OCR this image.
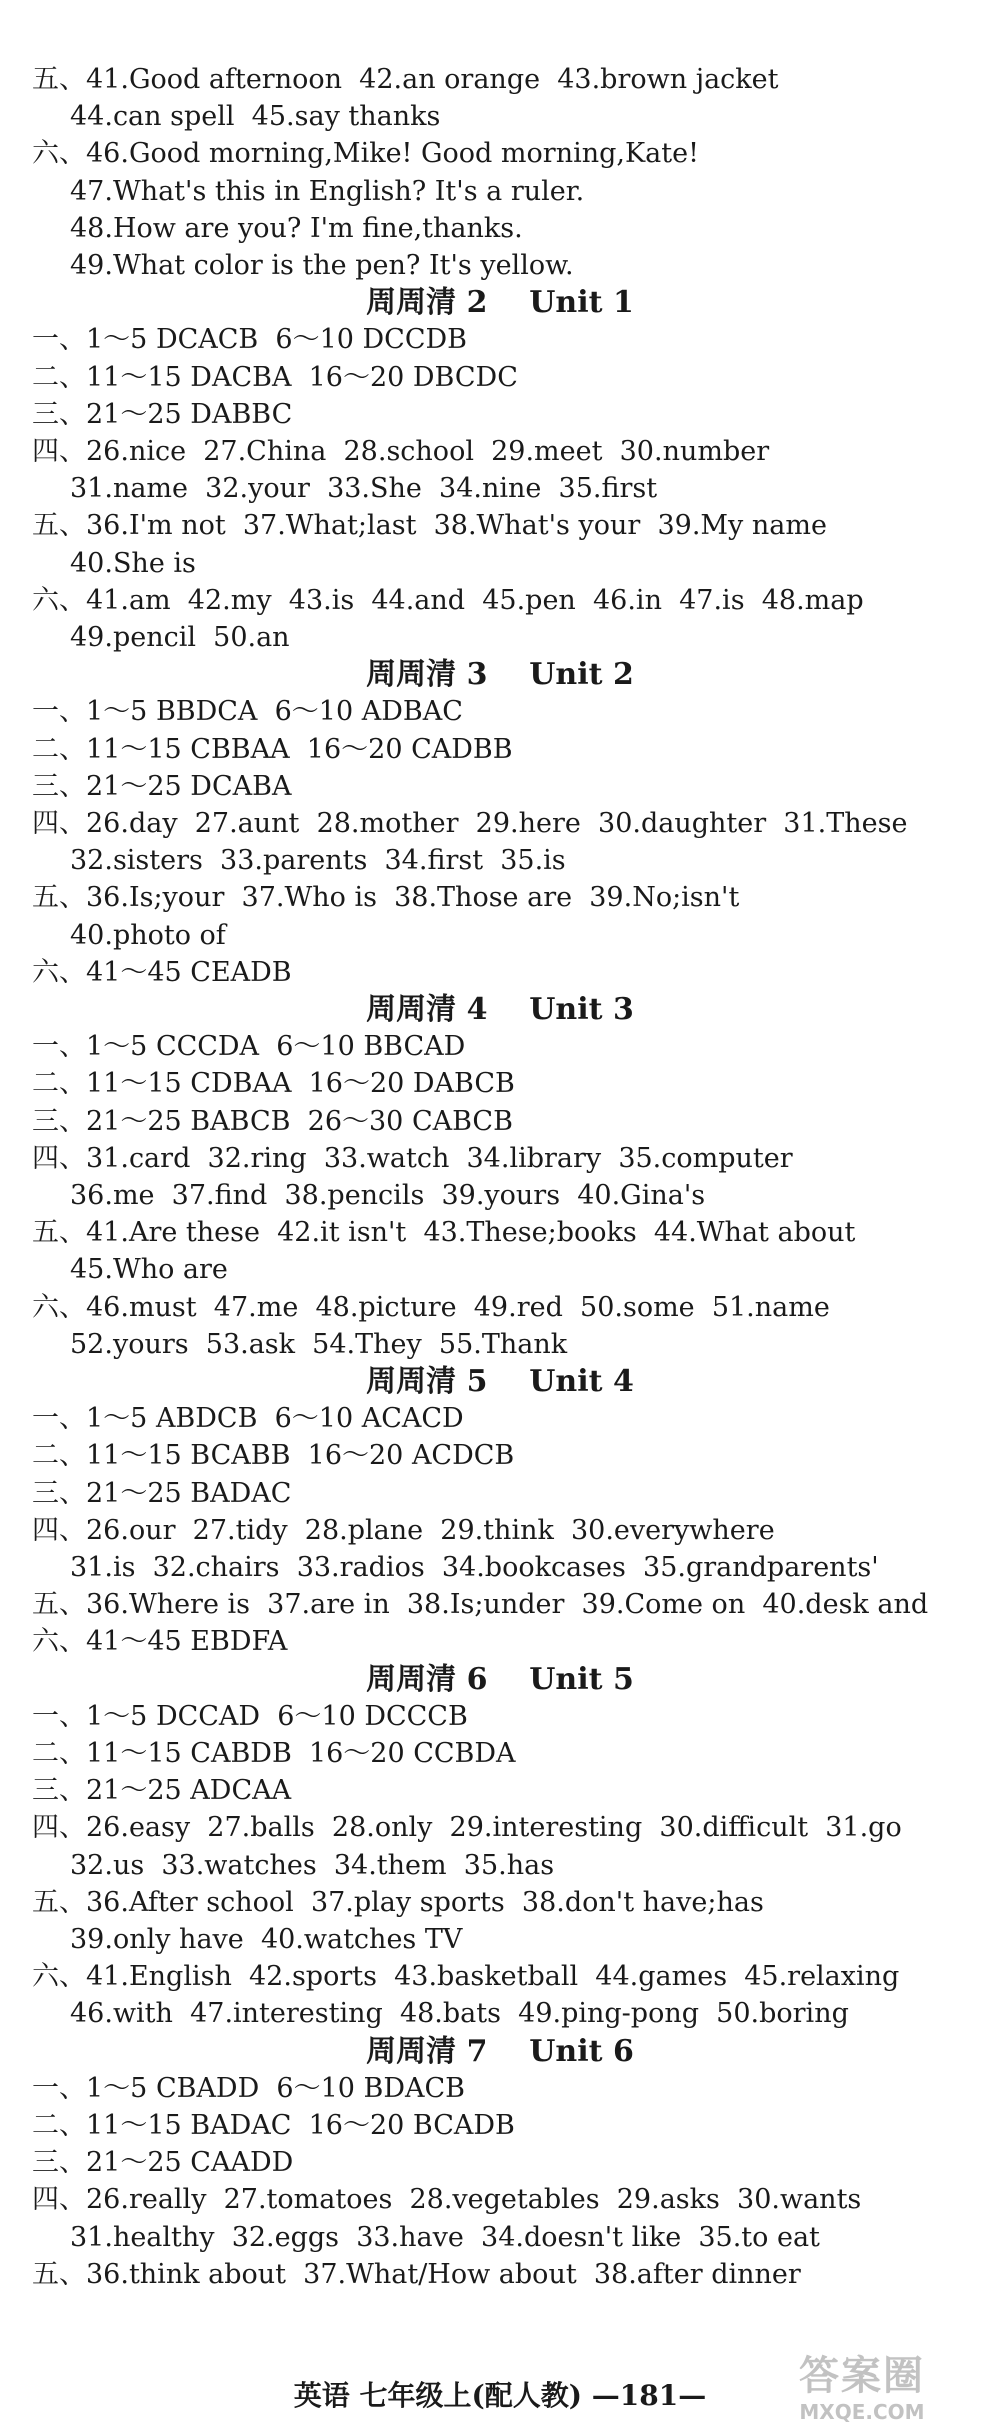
五、41.Good afternoon  42.an orange  43.brown jacket
44.can spell  45.say thanks
六、46.Good morning,Mike! Good morning,Kate!
47.What's this in English? It's a ruler.
48.How are you? I'm fine,thanks.
49.What color is the pen? It's yellow.
周周清 2    Unit 1
一、1～5 DCACB  6～10 DCCDB
二、11～15 DACBA  16～20 DBCDC
三、21～25 DABBC
四、26.nice  27.China  28.school  29.meet  30.number
31.name  32.your  33.She  34.nine  35.first
五、36.I'm not  37.What;last  38.What's your  39.My name
40.She is
六、41.am  42.my  43.is  44.and  45.pen  46.in  47.is  48.map
49.pencil  50.an
周周清 3    Unit 2
一、1～5 BBDCA  6～10 ADBAC
二、11～15 CBBAA  16～20 CADBB
三、21～25 DCABA
四、26.day  27.aunt  28.mother  29.here  30.daughter  31.These
32.sisters  33.parents  34.first  35.is
五、36.Is;your  37.Who is  38.Those are  39.No;isn't
40.photo of
六、41～45 CEADB
周周清 4    Unit 3
一、1～5 CCCDA  6～10 BBCAD
二、11～15 CDBAA  16～20 DABCB
三、21～25 BABCB  26～30 CABCB
四、31.card  32.ring  33.watch  34.library  35.computer
36.me  37.find  38.pencils  39.yours  40.Gina's
五、41.Are these  42.it isn't  43.These;books  44.What about
45.Who are
六、46.must  47.me  48.picture  49.red  50.some  51.name
52.yours  53.ask  54.They  55.Thank
周周清 5    Unit 4
一、1～5 ABDCB  6～10 ACACD
二、11～15 BCABB  16～20 ACDCB
三、21～25 BADAC
四、26.our  27.tidy  28.plane  29.think  30.everywhere
31.is  32.chairs  33.radios  34.bookcases  35.grandparents'
五、36.Where is  37.are in  38.Is;under  39.Come on  40.desk and
六、41～45 EBDFA
周周清 6    Unit 5
一、1～5 DCCAD  6～10 DCCCB
二、11～15 CABDB  16～20 CCBDA
三、21～25 ADCAA
四、26.easy  27.balls  28.only  29.interesting  30.difficult  31.go
32.us  33.watches  34.them  35.has
五、36.After school  37.play sports  38.don't have;has
39.only have  40.watches TV
六、41.English  42.sports  43.basketball  44.games  45.relaxing
46.with  47.interesting  48.bats  49.ping-pong  50.boring
周周清 7    Unit 6
一、1～5 CBADD  6～10 BDACB
二、11～15 BADAC  16～20 BCADB
三、21～25 CAADD
四、26.really  27.tomatoes  28.vegetables  29.asks  30.wants
31.healthy  32.eggs  33.have  34.doesn't like  35.to eat
五、36.think about  37.What/How about  38.after dinner
英语 七年级上(配人教) —181—	答案圈
MXQE.COM
